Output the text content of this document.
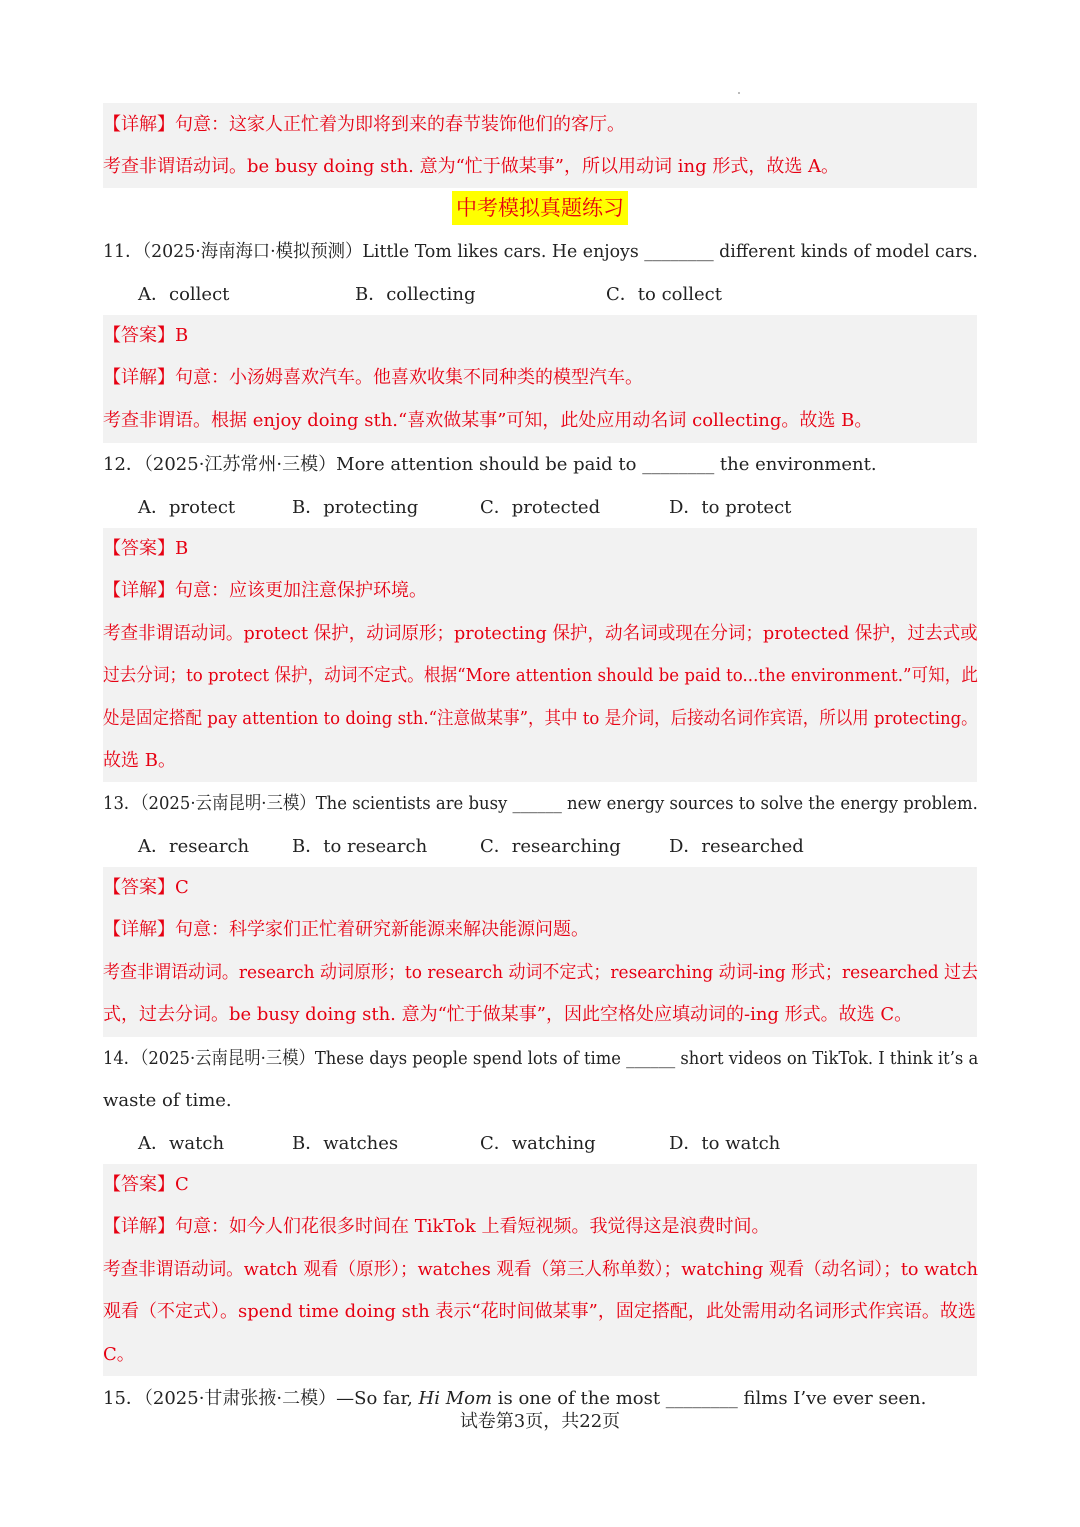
【详解】句意：这家人正忙着为即将到来的春节装饰他们的客厅。
考查非谓语动词。be busy doing sth. 意为“忙于做某事”，所以用动词 ing 形式，故选 A。
中考模拟真题练习
11．（2025·海南海口·模拟预测）Little Tom likes cars. He enjoys ________ different kinds of model cars.
A．collect	B．collecting	C．to collect
【答案】B
【详解】句意：小汤姆喜欢汽车。他喜欢收集不同种类的模型汽车。
考查非谓语。根据 enjoy doing sth.“喜欢做某事”可知，此处应用动名词 collecting。故选 B。
12．（2025·江苏常州·三模）More attention should be paid to ________ the environment.
A．protect	B．protecting	C．protected	D．to protect
【答案】B
【详解】句意：应该更加注意保护环境。
考查非谓语动词。protect 保护，动词原形；protecting 保护，动名词或现在分词；protected 保护，过去式或
过去分词；to protect 保护，动词不定式。根据“More attention should be paid to...the environment.”可知，此
处是固定搭配 pay attention to doing sth.“注意做某事”，其中 to 是介词，后接动名词作宾语，所以用 protecting。
故选 B。
13．（2025·云南昆明·三模）The scientists are busy ______ new energy sources to solve the energy problem.
A．research B．to research	C．researching	D．researched
【答案】C
【详解】句意：科学家们正忙着研究新能源来解决能源问题。
考查非谓语动词。research 动词原形；to research 动词不定式；researching 动词-ing 形式；researched 过去
式，过去分词。be busy doing sth. 意为“忙于做某事”，因此空格处应填动词的-ing 形式。故选 C。
14．（2025·云南昆明·三模）These days people spend lots of time ______ short videos on TikTok. I think it’s a
waste of time.
A．watch	B．watches	C．watching	D．to watch
【答案】C
【详解】句意：如今人们花很多时间在 TikTok 上看短视频。我觉得这是浪费时间。
考查非谓语动词。watch 观看（原形）；watches 观看（第三人称单数）；watching 观看（动名词）；to watch
观看（不定式）。spend time doing sth 表示“花时间做某事”，固定搭配，此处需用动名词形式作宾语。故选
C。
15．（2025·甘肃张掖·二模）—So far, Hi Mom is one of the most ________ films I’ve ever seen.
试卷第3页，共22页
